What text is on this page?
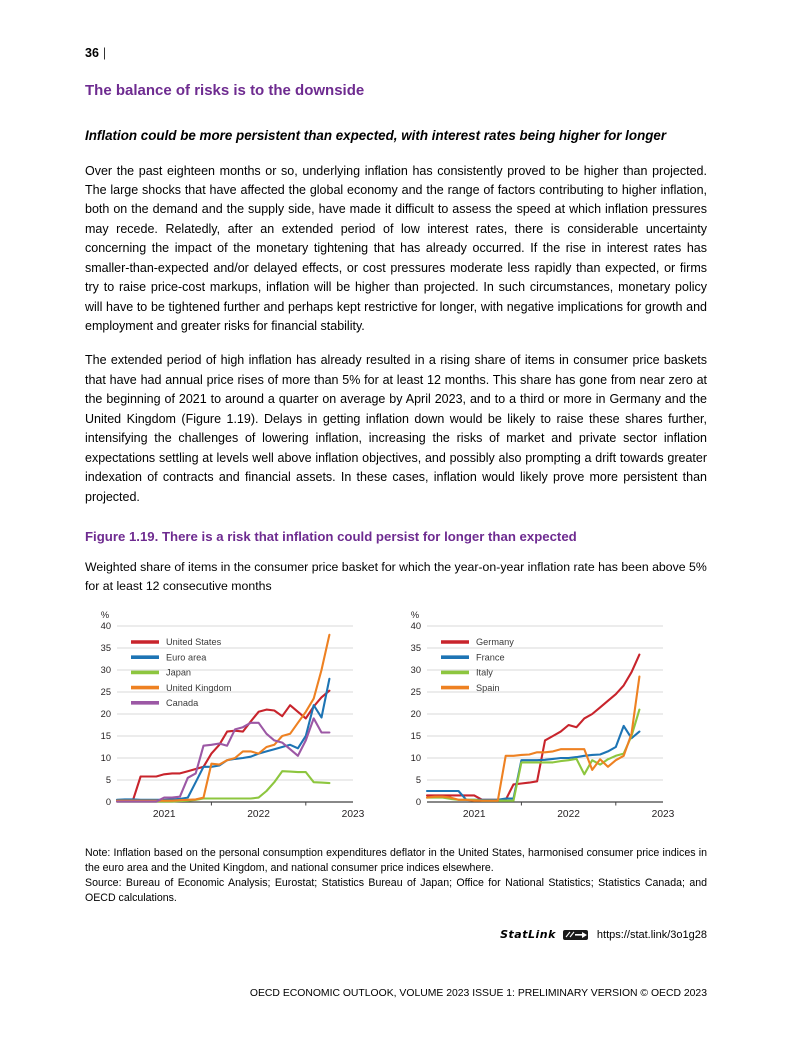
36 |
The balance of risks is to the downside
Inflation could be more persistent than expected, with interest rates being higher for longer

Over the past eighteen months or so, underlying inflation has consistently proved to be higher than projected. The large shocks that have affected the global economy and the range of factors contributing to higher inflation, both on the demand and the supply side, have made it difficult to assess the speed at which inflation pressures may recede. Relatedly, after an extended period of low interest rates, there is considerable uncertainty concerning the impact of the monetary tightening that has already occurred. If the rise in interest rates has smaller-than-expected and/or delayed effects, or cost pressures moderate less rapidly than expected, or firms try to raise price-cost markups, inflation will be higher than projected. In such circumstances, monetary policy will have to be tightened further and perhaps kept restrictive for longer, with negative implications for growth and employment and greater risks for financial stability.

The extended period of high inflation has already resulted in a rising share of items in consumer price baskets that have had annual price rises of more than 5% for at least 12 months. This share has gone from near zero at the beginning of 2021 to around a quarter on average by April 2023, and to a third or more in Germany and the United Kingdom (Figure 1.19). Delays in getting inflation down would be likely to raise these shares further, intensifying the challenges of lowering inflation, increasing the risks of market and private sector inflation expectations settling at levels well above inflation objectives, and possibly also prompting a drift towards greater indexation of contracts and financial assets. In these cases, inflation would likely prove more persistent than projected.

Figure 1.19. There is a risk that inflation could persist for longer than expected

Weighted share of items in the consumer price basket for which the year-on-year inflation rate has been above 5% for at least 12 consecutive months

0
5
10
15
20
25
30
35
40
%
2021	2022	2023
United States
Euro area
Japan
United Kingdom
Canada
0
5
10
15
20
25
30
35
40
%
2021	2022	2023
Germany
France
Italy
Spain

Note: Inflation based on the personal consumption expenditures deflator in the United States, harmonised consumer price indices in the euro area and the United Kingdom, and national consumer price indices elsewhere.

Source: Bureau of Economic Analysis; Eurostat; Statistics Bureau of Japan; Office for National Statistics; Statistics Canada; and OECD calculations.

StatLink	https://stat.link/3o1g28
OECD ECONOMIC OUTLOOK, VOLUME 2023 ISSUE 1: PRELIMINARY VERSION © OECD 2023
